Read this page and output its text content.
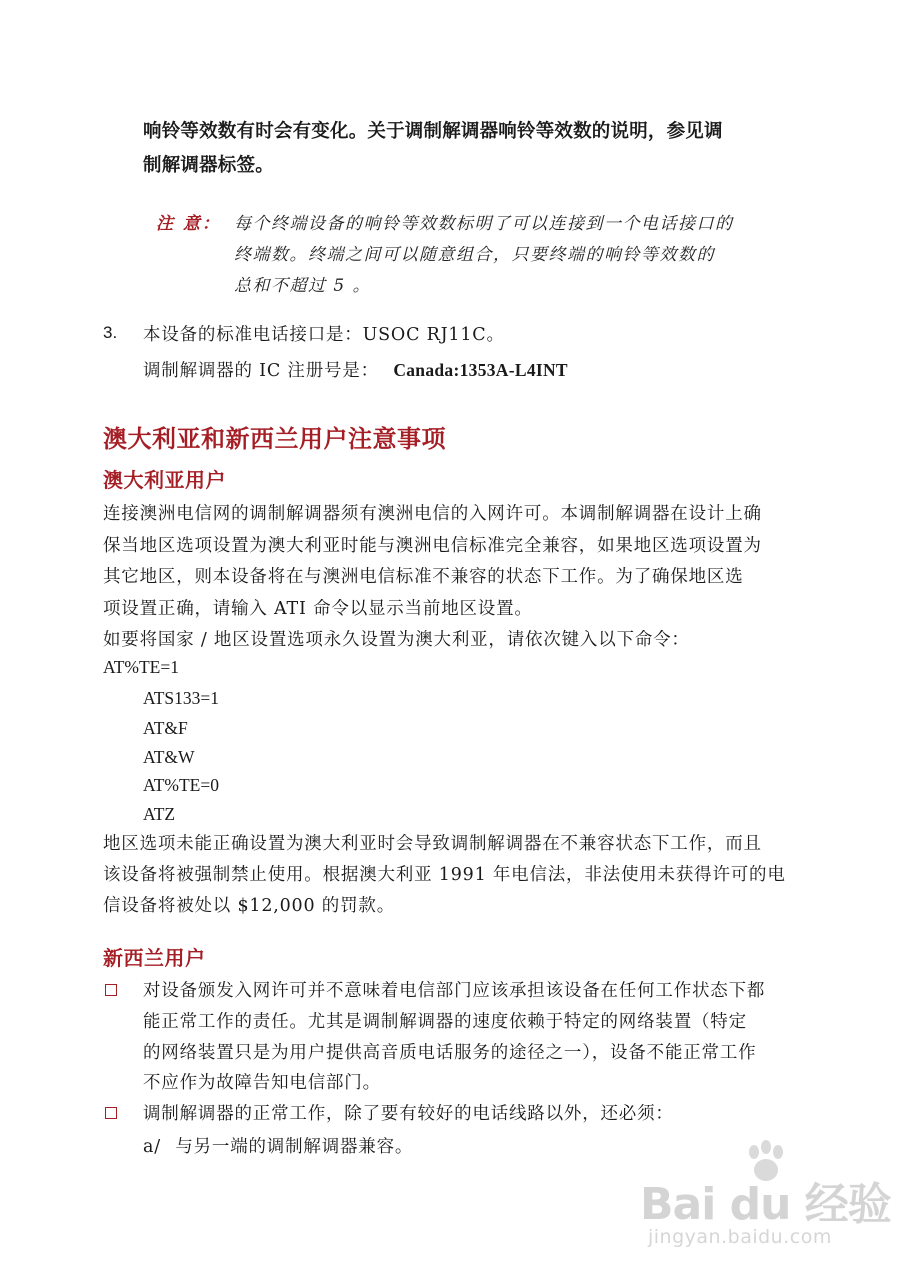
响铃等效数有时会有变化。关于调制解调器响铃等效数的说明，参见调
制解调器标签。
注 意： 每个终端设备的响铃等效数标明了可以连接到一个电话接口的
终端数。终端之间可以随意组合，只要终端的响铃等效数的
总和不超过 5 。
3. 本设备的标准电话接口是：USOC RJ11C。
调制解调器的 IC 注册号是： Canada:1353A-L4INT
澳大利亚和新西兰用户注意事项
澳大利亚用户
连接澳洲电信网的调制解调器须有澳洲电信的入网许可。本调制解调器在设计上确
保当地区选项设置为澳大利亚时能与澳洲电信标准完全兼容，如果地区选项设置为
其它地区，则本设备将在与澳洲电信标准不兼容的状态下工作。为了确保地区选
项设置正确，请输入 ATI 命令以显示当前地区设置。
如要将国家 / 地区设置选项永久设置为澳大利亚，请依次键入以下命令：
AT%TE=1
ATS133=1
AT&F
AT&W
AT%TE=0
ATZ
地区选项未能正确设置为澳大利亚时会导致调制解调器在不兼容状态下工作，而且
该设备将被强制禁止使用。根据澳大利亚 1991 年电信法，非法使用未获得许可的电
信设备将被处以 $12,000 的罚款。
新西兰用户
对设备颁发入网许可并不意味着电信部门应该承担该设备在任何工作状态下都
能正常工作的责任。尤其是调制解调器的速度依赖于特定的网络装置（特定
的网络装置只是为用户提供高音质电话服务的途径之一），设备不能正常工作
不应作为故障告知电信部门。
调制解调器的正常工作，除了要有较好的电话线路以外，还必须：
a/ 与另一端的调制解调器兼容。
Bai du 经验
jingyan.baidu.com
